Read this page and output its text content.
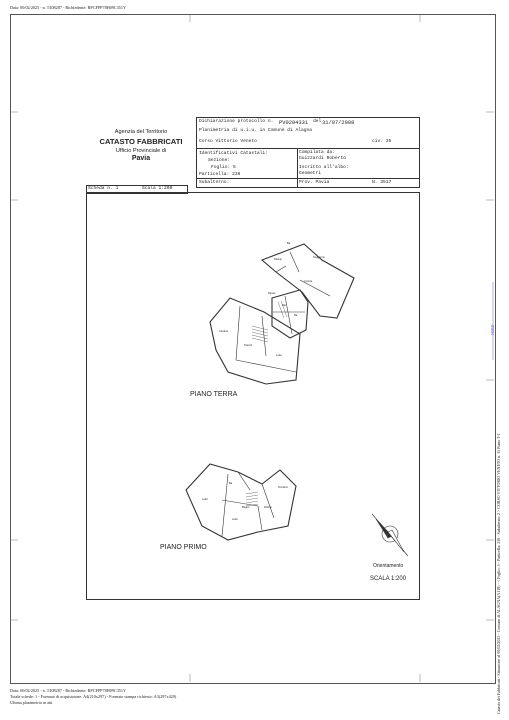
Data: 00/02/2025 - n. T408287 - Richiedente: RPCFPP78H09C351Y
NORD
Agenzia del Territorio
CATASTO FABBRICATI
Ufficio Provinciale di
Pavia
Dichiarazione protocollo n. PV0204331 del 31/07/2008
Planimetria di u.i.u. in Comune di Alagna
Corso Vittorio Veneto	civ. 35
Identificativi Catastali:
Sezione:
Foglio: 5
Particella: 236
Subalterno:
Compilata da:
Guizzardi Roberto
Iscritto all'albo:
Geometri
Prov. Pavia	N. 3517
Scheda n. 1	Scala 1:200
Ba
Soggiorno
Cucina
Disimp
Rip
Ba
Pranzo
Cantina
Letto
Ripost
Ba
Letto
Letto
Bagno
Terrazzo
Disimp
PIANO TERRA
PIANO PRIMO
Orientamento
SCALA 1:200	Catasto dei Fabbricati - Situazione al 00/02/2025 - Comune di ALAGNA(A118) - < Foglio: 5 - Particella: 236 - Subalterno: 2 > CORSO VITTORIO VENETO n. 35 Piano T-1
Data: 00/02/2025 - n. T408287 - Richiedente: RPCFPP78H09C351Y
Totale schede: 1 - Formato di acquisizione: A4(210x297) - Formato stampa richiesto: A3(297x420)
Ultima planimetria in atti
